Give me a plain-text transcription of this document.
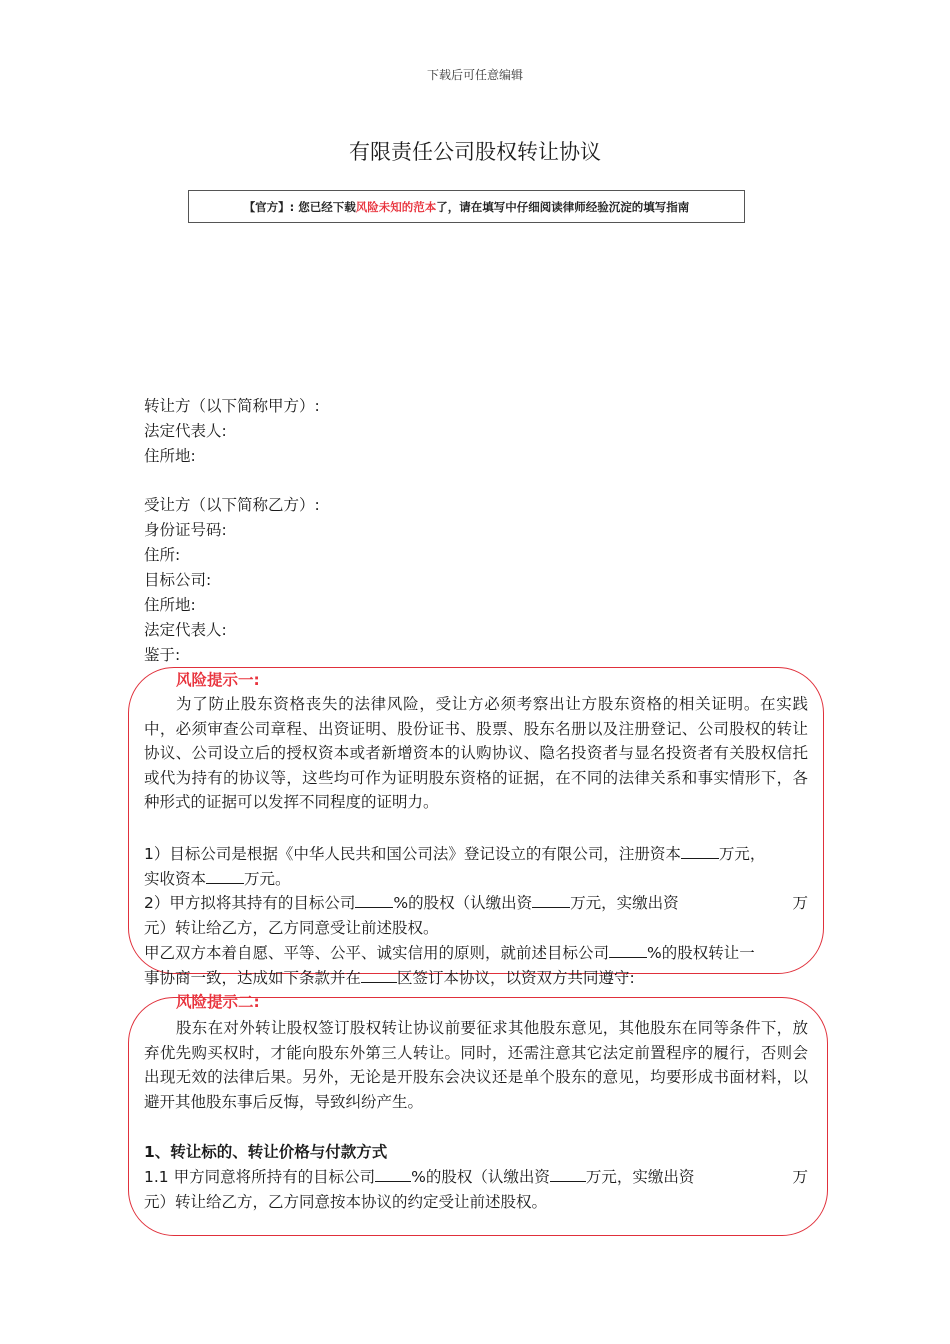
下载后可任意编辑
有限责任公司股权转让协议
【官方】: 您已经下载 风险未知的范本 了，请在填写中仔细阅读律师经验沉淀的填写指南
转让方（以下简称甲方）:
法定代表人:
住所地:
受让方（以下简称乙方）:
身份证号码:
住所:
目标公司:
住所地:
法定代表人:
鉴于:
风险提示一:
为了防止股东资格丧失的法律风险，受让方必须考察出让方股东资格的相关证明。在实践中，必须审查公司章程、出资证明、股份证书、股票、股东名册以及注册登记、公司股权的转让协议、公司设立后的授权资本或者新增资本的认购协议、隐名投资者与显名投资者有关股权信托或代为持有的协议等，这些均可作为证明股东资格的证据，在不同的法律关系和事实情形下，各种形式的证据可以发挥不同程度的证明力。
1）目标公司是根据《中华人民共和国公司法》登记设立的有限公司，注册资本 万元，
实收资本 万元。
2）甲方拟将其持有的目标公司 %的股权（认缴出资 万元，实缴出资	万
元）转让给乙方，乙方同意受让前述股权。
甲乙双方本着自愿、平等、公平、诚实信用的原则，就前述目标公司 %的股权转让一
事协商一致，达成如下条款并在 区签订本协议，以资双方共同遵守:
风险提示二:
股东在对外转让股权签订股权转让协议前要征求其他股东意见，其他股东在同等条件下，放弃优先购买权时，才能向股东外第三人转让。同时，还需注意其它法定前置程序的履行，否则会出现无效的法律后果。另外，无论是开股东会决议还是单个股东的意见，均要形成书面材料，以避开其他股东事后反悔，导致纠纷产生。
1、转让标的、转让价格与付款方式
1.1 甲方同意将所持有的目标公司 %的股权（认缴出资 万元，实缴出资	万
元）转让给乙方，乙方同意按本协议的约定受让前述股权。
